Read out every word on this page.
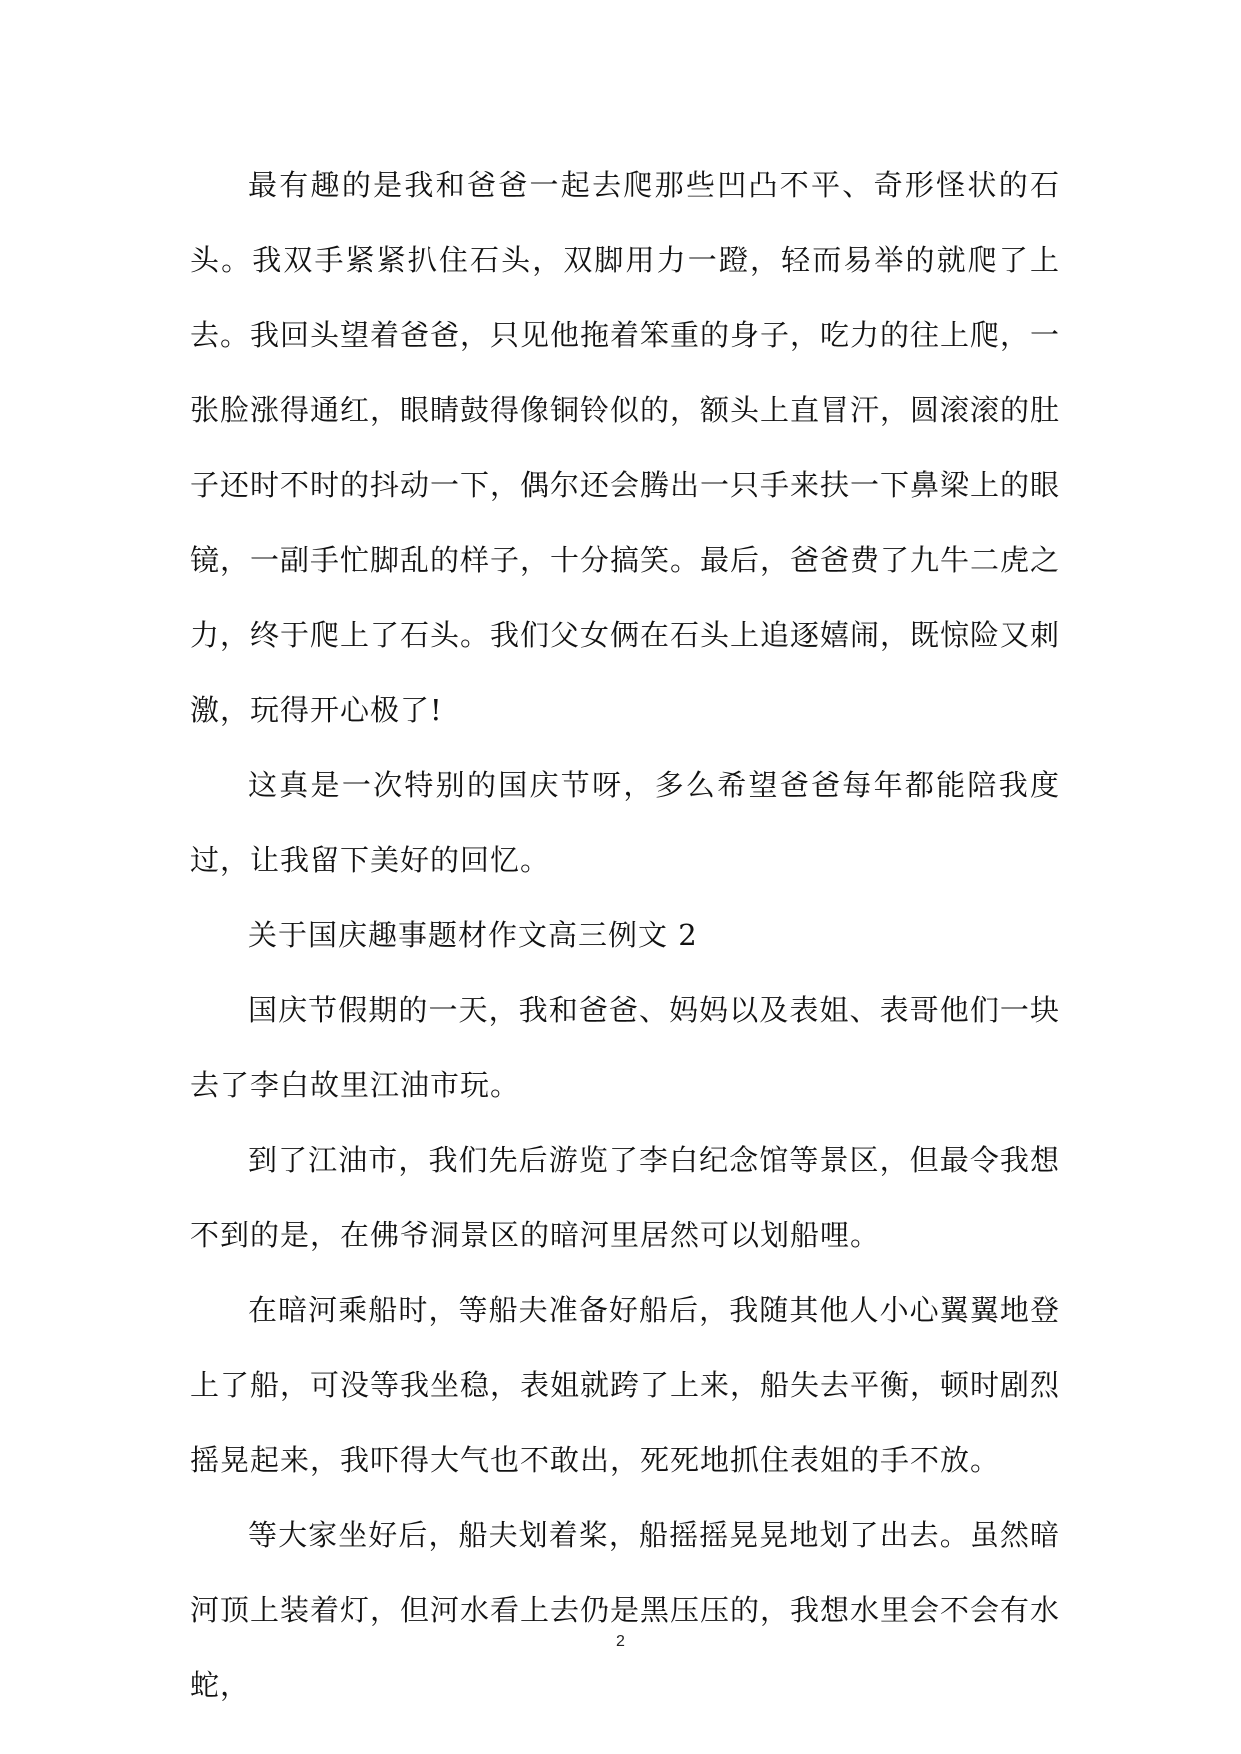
最有趣的是我和爸爸一起去爬那些凹凸不平、奇形怪状的石头。我双手紧紧扒住石头，双脚用力一蹬，轻而易举的就爬了上去。我回头望着爸爸，只见他拖着笨重的身子，吃力的往上爬，一张脸涨得通红，眼睛鼓得像铜铃似的，额头上直冒汗，圆滚滚的肚子还时不时的抖动一下，偶尔还会腾出一只手来扶一下鼻梁上的眼镜，一副手忙脚乱的样子，十分搞笑。最后，爸爸费了九牛二虎之力，终于爬上了石头。我们父女俩在石头上追逐嬉闹，既惊险又刺激，玩得开心极了!

这真是一次特别的国庆节呀，多么希望爸爸每年都能陪我度过，让我留下美好的回忆。

关于国庆趣事题材作文高三例文 2

国庆节假期的一天，我和爸爸、妈妈以及表姐、表哥他们一块去了李白故里江油市玩。

到了江油市，我们先后游览了李白纪念馆等景区，但最令我想不到的是，在佛爷洞景区的暗河里居然可以划船哩。

在暗河乘船时，等船夫准备好船后，我随其他人小心翼翼地登上了船，可没等我坐稳，表姐就跨了上来，船失去平衡，顿时剧烈摇晃起来，我吓得大气也不敢出，死死地抓住表姐的手不放。

等大家坐好后，船夫划着桨，船摇摇晃晃地划了出去。虽然暗河顶上装着灯，但河水看上去仍是黑压压的，我想水里会不会有水蛇，

2
